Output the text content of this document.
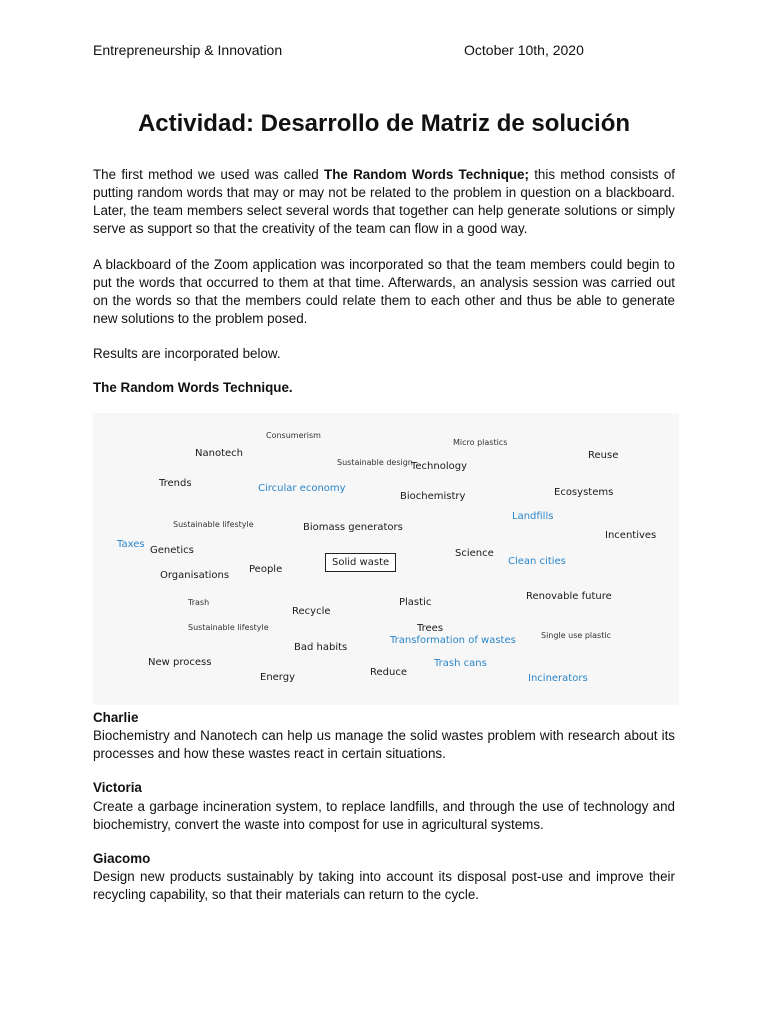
Entrepreneurship & Innovation	October 10th, 2020
Actividad: Desarrollo de Matriz de solución

The first method we used was called The Random Words Technique; this method consists of putting random words that may or may not be related to the problem in question on a blackboard. Later, the team members select several words that together can help generate solutions or simply serve as support so that the creativity of the team can flow in a good way.

A blackboard of the Zoom application was incorporated so that the team members could begin to put the words that occurred to them at that time. Afterwards, an analysis session was carried out on the words so that the members could relate them to each other and thus be able to generate new solutions to the problem posed.

Results are incorporated below.

The Random Words Technique.

Consumerism
Micro plastics
Nanotech
Sustainable design
Technology
Reuse
Trends	Circular economy
Biochemistry	Ecosystems
Landfills
Sustainable lifestyle	Biomass generators
Incentives
Taxes
Genetics	Science
Clean cities
Solid waste
People
Organisations
Renovable future
Trash	Plastic
Recycle
Sustainable lifestyle	Trees
Single use plastic
Transformation of wastes
Bad habits
New process	Trash cans
Reduce
Energy	Incinerators
Charlie

Biochemistry and Nanotech can help us manage the solid wastes problem with research about its processes and how these wastes react in certain situations.

Victoria

Create a garbage incineration system, to replace landfills, and through the use of technology and biochemistry, convert the waste into compost for use in agricultural systems.

Giacomo

Design new products sustainably by taking into account its disposal post-use and improve their recycling capability, so that their materials can return to the cycle.
